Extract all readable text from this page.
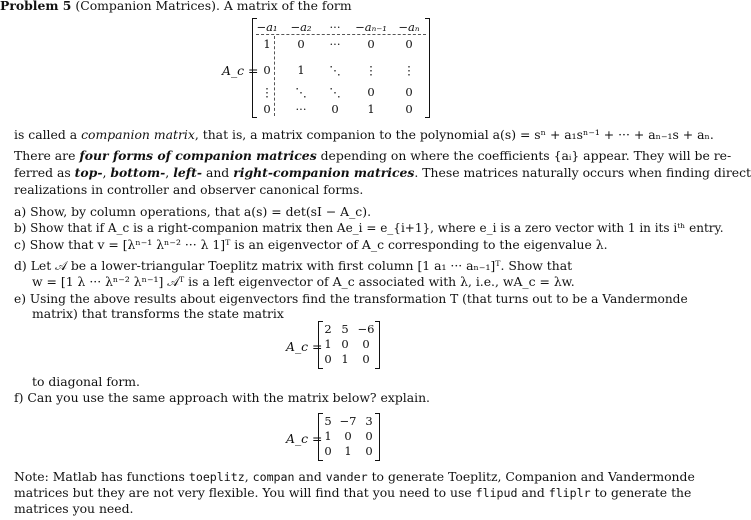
Problem 5 (Companion Matrices). A matrix of the form
A_c =
−a₁	−a₂	···	−aₙ₋₁	−aₙ
1	0	···	0	0
0	1	⋱	⋮	⋮
⋮	⋱	⋱	0	0
0	···	0	1	0
is called a companion matrix, that is, a matrix companion to the polynomial a(s) = sⁿ + a₁sⁿ⁻¹ + ··· + aₙ₋₁s + aₙ.
There are four forms of companion matrices depending on where the coefficients {aᵢ} appear. They will be re-
ferred as top-, bottom-, left- and right-companion matrices. These matrices naturally occurs when finding direct
realizations in controller and observer canonical forms.
a) Show, by column operations, that a(s) = det(sI − A_c).
b) Show that if A_c is a right-companion matrix then Ae_i = e_{i+1}, where e_i is a zero vector with 1 in its iᵗʰ entry.
c) Show that v = [λⁿ⁻¹ λⁿ⁻² ··· λ 1]ᵀ is an eigenvector of A_c corresponding to the eigenvalue λ.
d) Let 𝒜 be a lower-triangular Toeplitz matrix with first column [1 a₁ ··· aₙ₋₁]ᵀ. Show that
w = [1 λ ··· λⁿ⁻² λⁿ⁻¹] 𝒜ᵀ is a left eigenvector of A_c associated with λ, i.e., wA_c = λw.
e) Using the above results about eigenvectors find the transformation T (that turns out to be a Vandermonde
matrix) that transforms the state matrix
A_c =
2 5 −6
1 0	0
0 1	0
to diagonal form.
f) Can you use the same approach with the matrix below? explain.
A_c =
5 −7 3
1	0	0
0	1	0
Note: Matlab has functions toeplitz, compan and vander to generate Toeplitz, Companion and Vandermonde
matrices but they are not very flexible. You will find that you need to use flipud and fliplr to generate the
matrices you need.
